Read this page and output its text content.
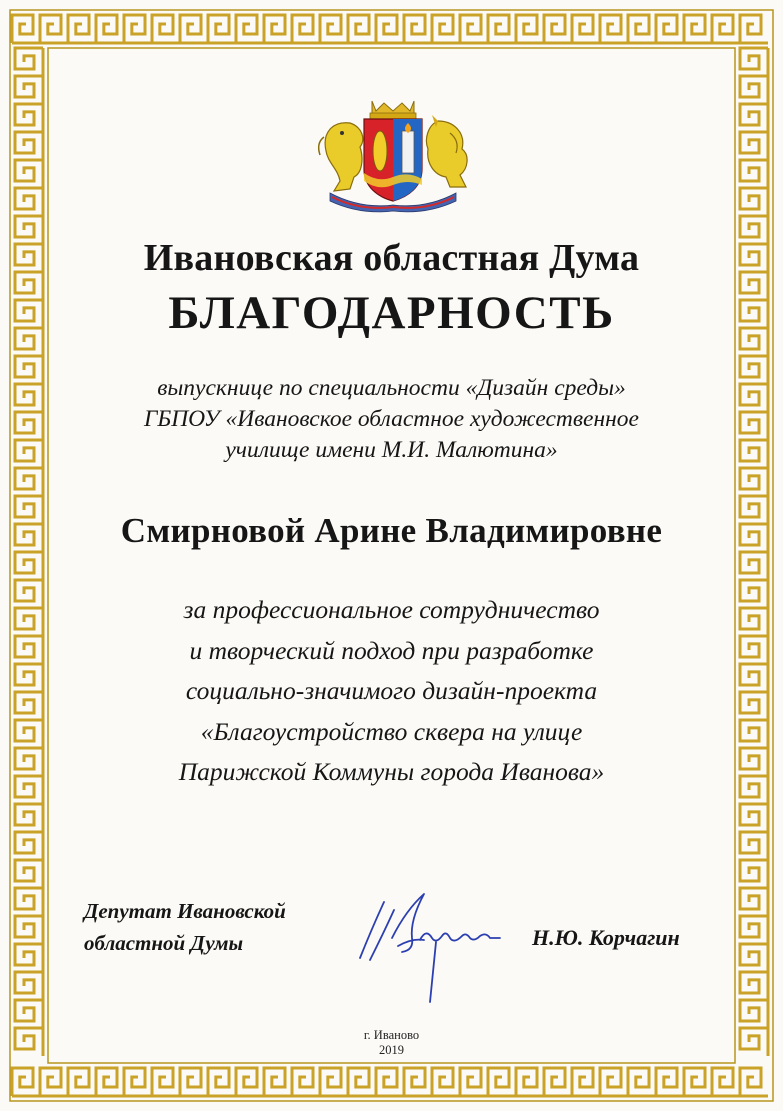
Ивановская областная Дума
БЛАГОДАРНОСТЬ
выпускнице по специальности «Дизайн среды»
ГБПОУ «Ивановское областное художественное
училище имени М.И. Малютина»
Смирновой Арине Владимировне
за профессиональное сотрудничество
и творческий подход при разработке
социально-значимого дизайн-проекта
«Благоустройство сквера на улице
Парижской Коммуны города Иванова»
Депутат Ивановской
областной Думы	Н.Ю. Корчагин
г. Иваново
2019
